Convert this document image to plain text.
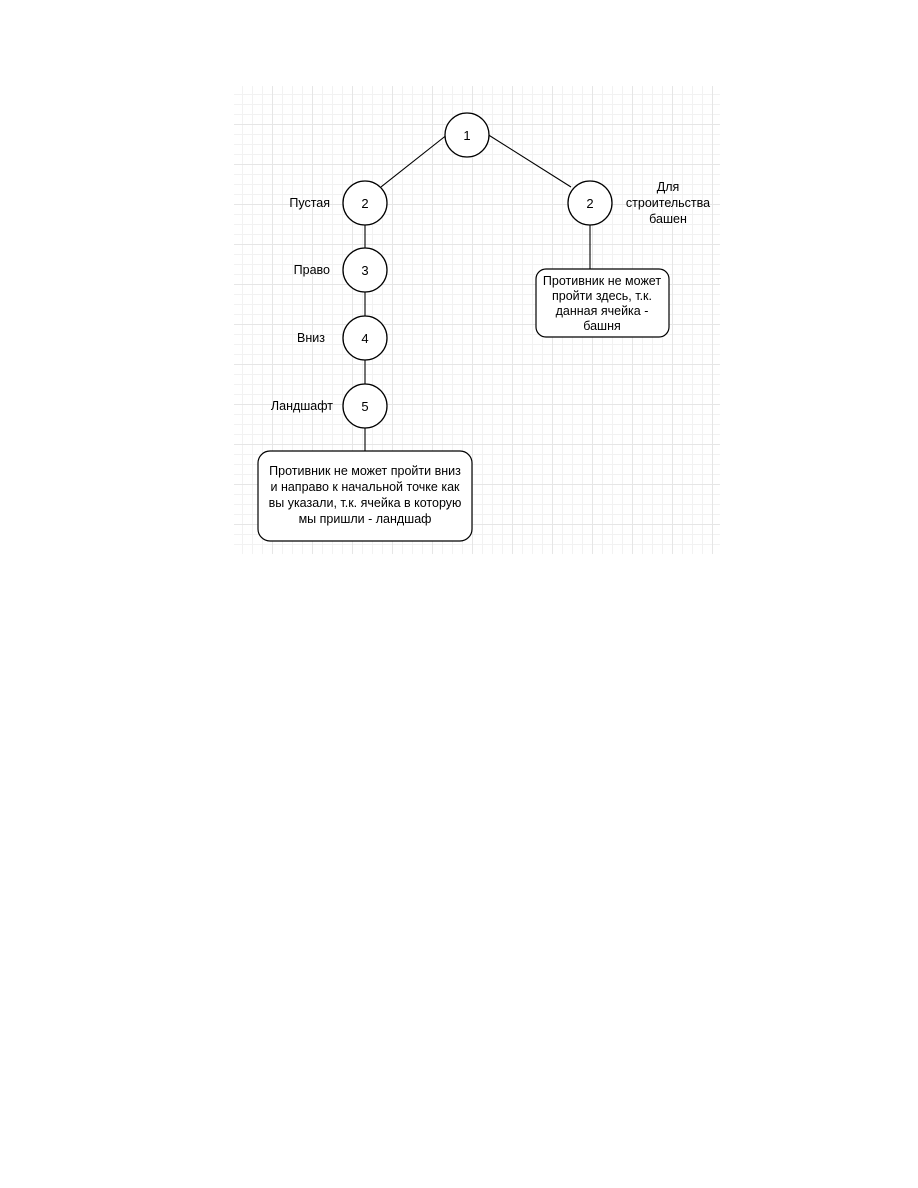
1
2
Пустая
3
Право
4
Вниз
5
Ландшафт
2
Для
строительства
башен
Противник не может
пройти здесь, т.к.
данная ячейка -
башня
Противник не может пройти вниз
и направо к начальной точке как
вы указали, т.к. ячейка в которую
мы пришли - ландшаф
